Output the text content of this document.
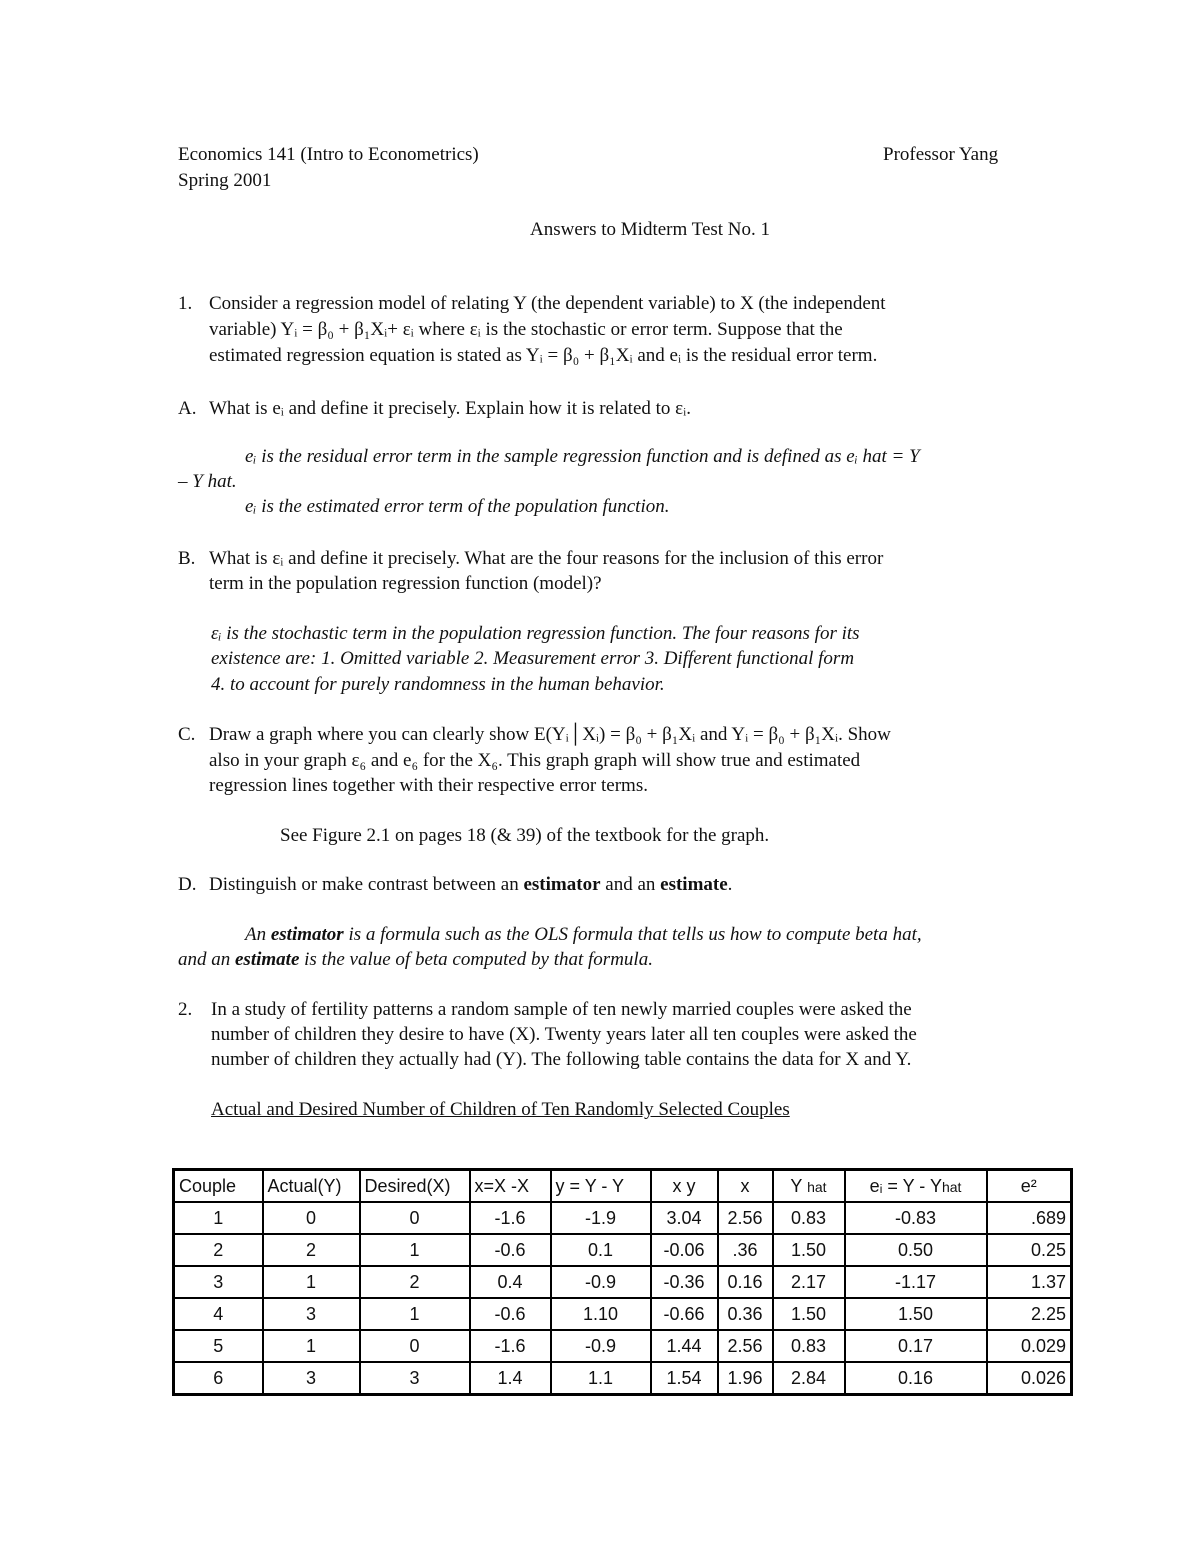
Economics 141 (Intro to Econometrics)	Professor Yang
Spring 2001
Answers to Midterm Test No. 1
1. Consider a regression model of relating Y (the dependent variable) to X (the independent
variable) Yᵢ = β₀ + β₁Xᵢ+ εᵢ where εᵢ is the stochastic or error term. Suppose that the
estimated regression equation is stated as Yᵢ = β₀ + β₁Xᵢ and eᵢ is the residual error term.
A. What is eᵢ and define it precisely. Explain how it is related to εᵢ.
eᵢ is the residual error term in the sample regression function and is defined as eᵢ hat = Y
– Y hat.
eᵢ is the estimated error term of the population function.
B. What is εᵢ and define it precisely. What are the four reasons for the inclusion of this error
term in the population regression function (model)?
εᵢ is the stochastic term in the population regression function. The four reasons for its
existence are: 1. Omitted variable 2. Measurement error 3. Different functional form
4. to account for purely randomness in the human behavior.
C. Draw a graph where you can clearly show E(Yᵢ│Xᵢ) = β₀ + β₁Xᵢ and Yᵢ = β₀ + β₁Xᵢ. Show
also in your graph ε₆ and e₆ for the X₆. This graph graph will show true and estimated
regression lines together with their respective error terms.
See Figure 2.1 on pages 18 (& 39) of the textbook for the graph.
D. Distinguish or make contrast between an estimator and an estimate.
An estimator is a formula such as the OLS formula that tells us how to compute beta hat,
and an estimate is the value of beta computed by that formula.
2. In a study of fertility patterns a random sample of ten newly married couples were asked the
number of children they desire to have (X). Twenty years later all ten couples were asked the
number of children they actually had (Y). The following table contains the data for X and Y.
Actual and Desired Number of Children of Ten Randomly Selected Couples
Couple	Actual(Y)	Desired(X)	x=X -X	y = Y - Y	x y	x	Y hat	eᵢ = Y - Yhat	e²
1	0	0	-1.6	-1.9	3.04	2.56	0.83	-0.83	.689
2	2	1	-0.6	0.1	-0.06	.36	1.50	0.50	0.25
3	1	2	0.4	-0.9	-0.36	0.16	2.17	-1.17	1.37
4	3	1	-0.6	1.10	-0.66	0.36	1.50	1.50	2.25
5	1	0	-1.6	-0.9	1.44	2.56	0.83	0.17	0.029
6	3	3	1.4	1.1	1.54	1.96	2.84	0.16	0.026
